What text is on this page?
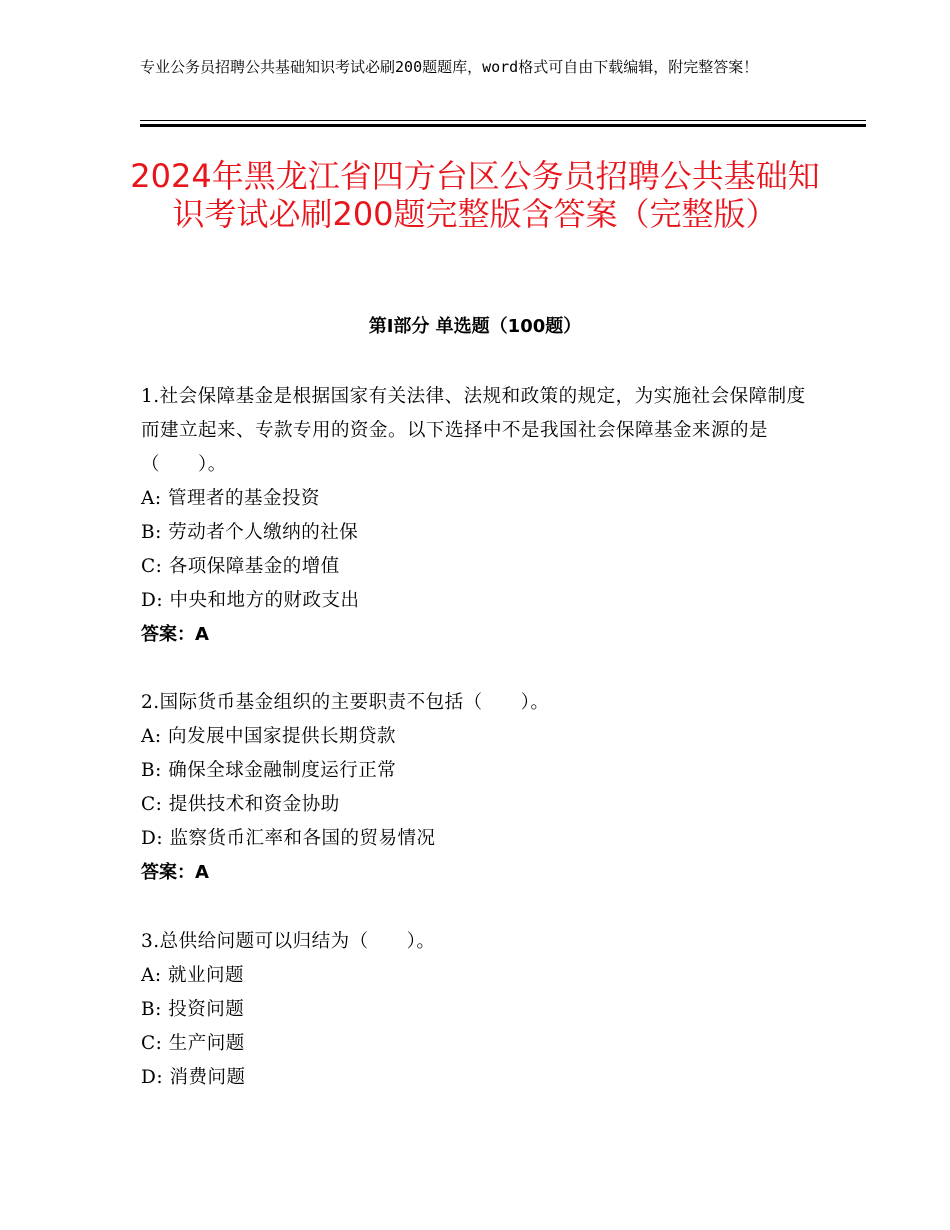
专业公务员招聘公共基础知识考试必刷200题题库，word格式可自由下载编辑，附完整答案！
2024年黑龙江省四方台区公务员招聘公共基础知识考试必刷200题完整版含答案（完整版）
第I部分 单选题（100题）
1.社会保障基金是根据国家有关法律、法规和政策的规定，为实施社会保障制度而建立起来、专款专用的资金。以下选择中不是我国社会保障基金来源的是（　　）。
A: 管理者的基金投资
B: 劳动者个人缴纳的社保
C: 各项保障基金的增值
D: 中央和地方的财政支出
答案：A
2.国际货币基金组织的主要职责不包括（　　）。
A: 向发展中国家提供长期贷款
B: 确保全球金融制度运行正常
C: 提供技术和资金协助
D: 监察货币汇率和各国的贸易情况
答案：A
3.总供给问题可以归结为（　　）。
A: 就业问题
B: 投资问题
C: 生产问题
D: 消费问题
